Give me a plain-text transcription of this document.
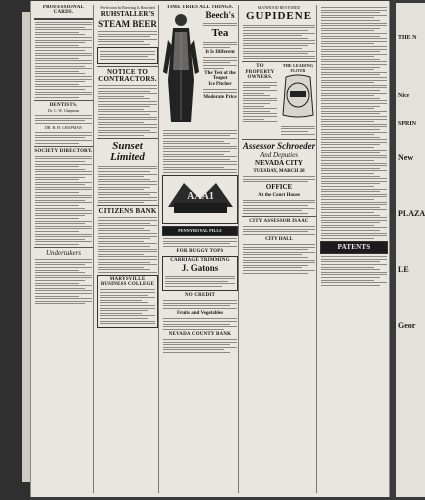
PROFESSIONAL CARDS.
DENTISTS.
Dr. C. W. Chapman
DR. B. H. CHAPMAN
SOCIETY DIRECTORY.
Undertakers
Perfection In Brewing Is Reached
RUHSTALLER'S
STEAM BEER
NOTICE TO CONTRACTORS.
Sunset Limited
CITIZENS BANK
MARYSVILLE BUSINESS COLLEGE
TIME TRIES ALL THINGS.
Beech's
Tea
It Is Different
The Test of the Teapot
Ice Pitcher
Moderate Price
AAA1
PENNYROYAL PILLS
FOR BUGGY TOPS
CARRIAGE TRIMMING
J. Gatons
NO CREDIT
Fruits and Vegetables
NEVADA COUNTY BANK
MANHOOD RESTORED
GUPIDENE
TO PROPERTY OWNERS.
THE LEADING FLOUR
Assessor Schroeder
And Deputies
NEVADA CITY
TUESDAY, MARCH 28
OFFICE
At the Court House
CITY ASSESSOR ISAAC
CITY HALL
PATENTS
THE N
Nice
SPRIN
New
PLAZA
LE
Geor
